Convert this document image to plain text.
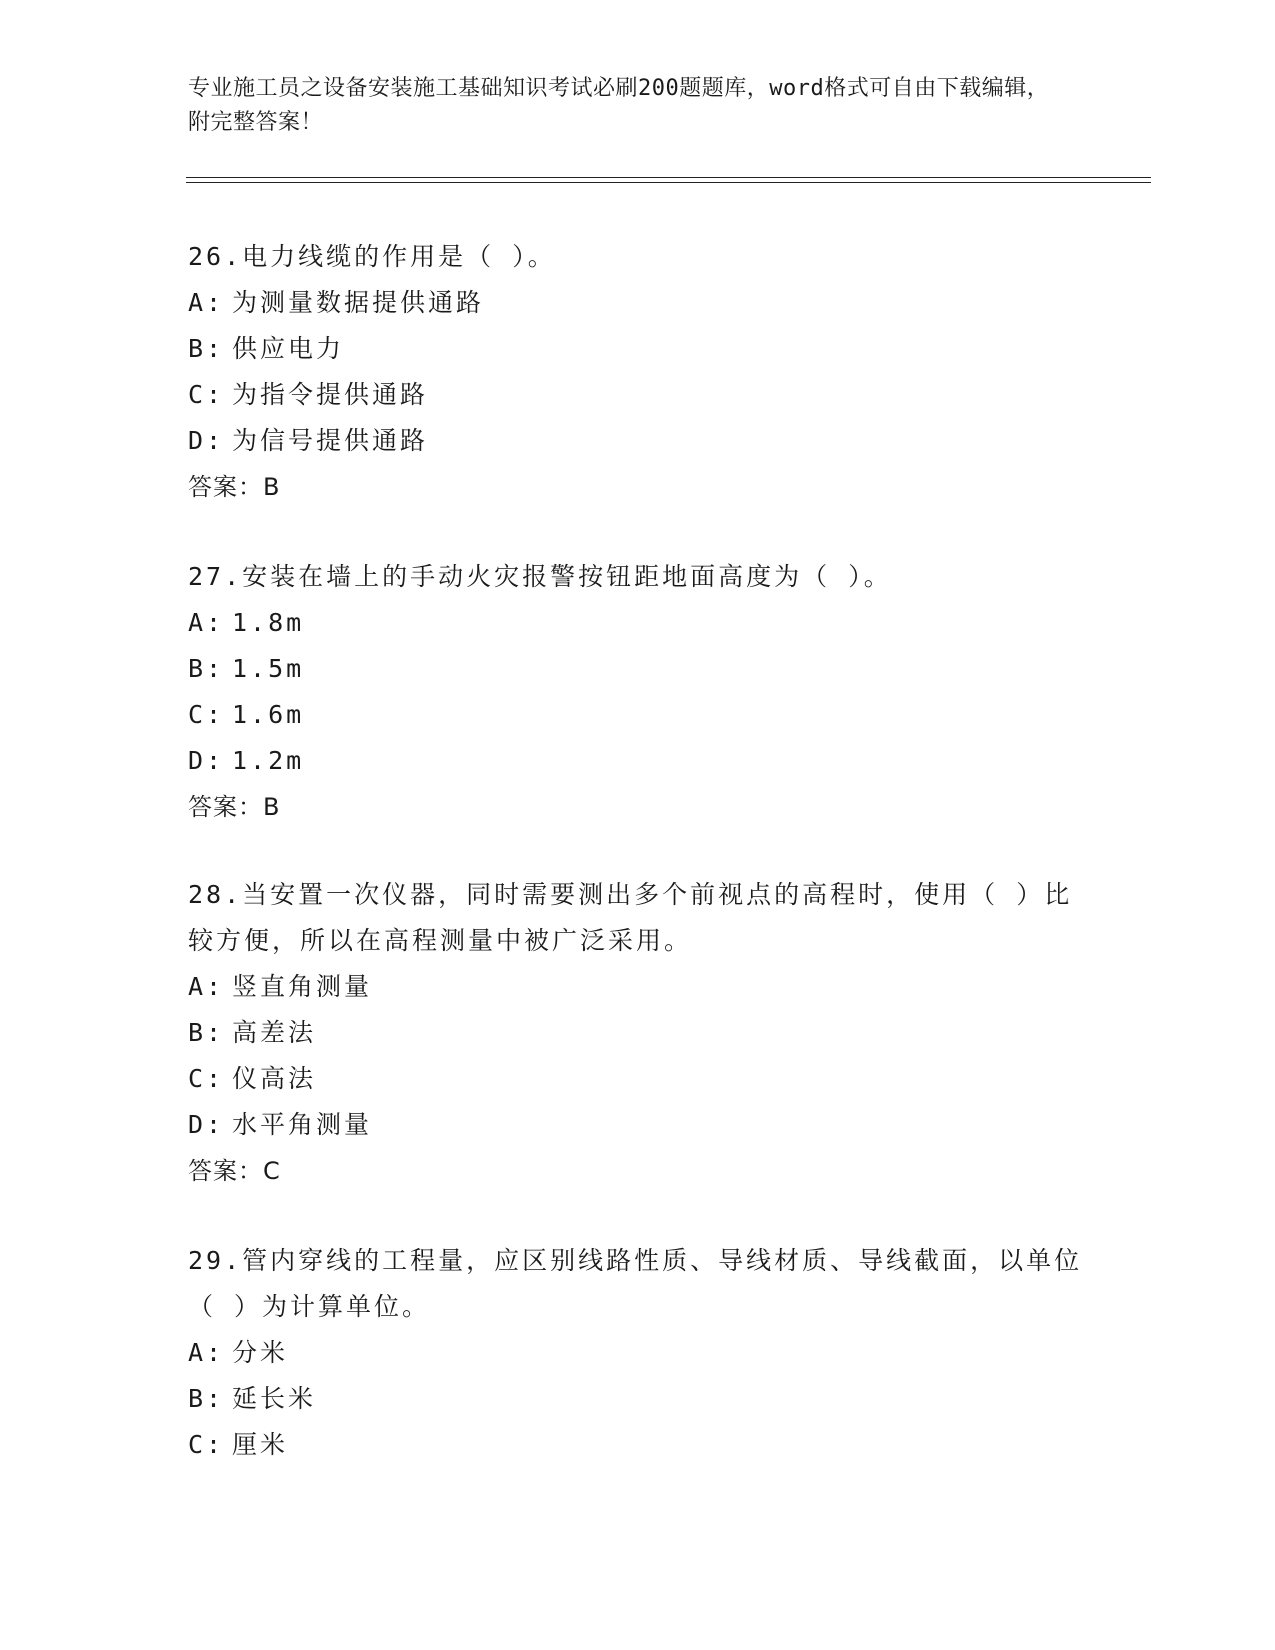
专业施工员之设备安装施工基础知识考试必刷200题题库，word格式可自由下载编辑，附完整答案！
26.电力线缆的作用是（ ）。
A: 为测量数据提供通路
B: 供应电力
C: 为指令提供通路
D: 为信号提供通路
答案：B
27.安装在墙上的手动火灾报警按钮距地面高度为（ ）。
A: 1.8m
B: 1.5m
C: 1.6m
D: 1.2m
答案：B
28.当安置一次仪器，同时需要测出多个前视点的高程时，使用（ ）比较方便，所以在高程测量中被广泛采用。
A: 竖直角测量
B: 高差法
C: 仪高法
D: 水平角测量
答案：C
29.管内穿线的工程量，应区别线路性质、导线材质、导线截面，以单位（ ）为计算单位。
A: 分米
B: 延长米
C: 厘米
